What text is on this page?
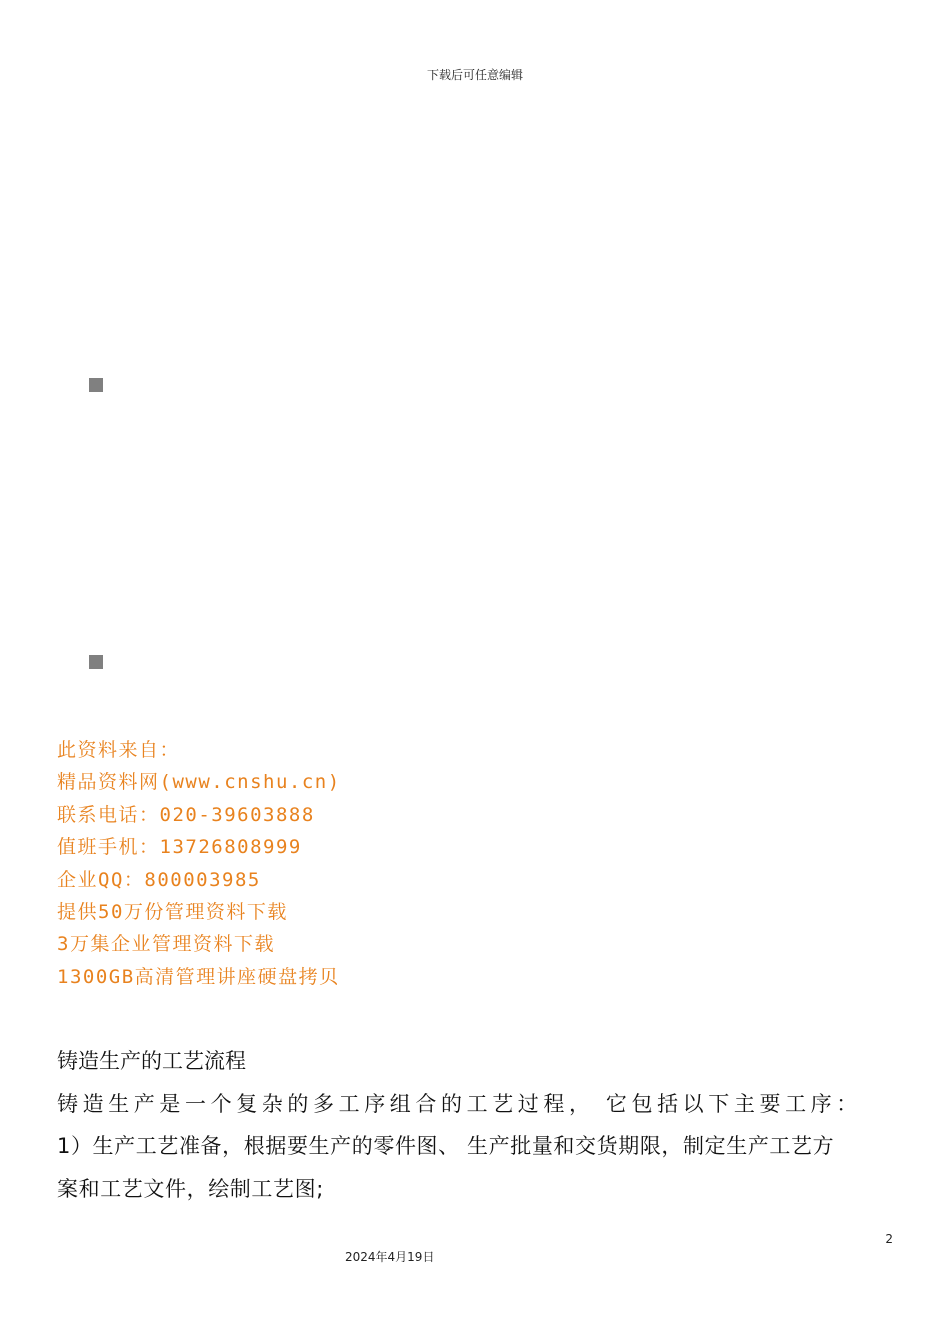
下载后可任意编辑
此资料来自：
精品资料网(www.cnshu.cn)
联系电话：020-39603888
值班手机：13726808999
企业QQ：800003985
提供50万份管理资料下载
3万集企业管理资料下载
1300GB高清管理讲座硬盘拷贝
铸造生产的工艺流程
铸造生产是一个复杂的多工序组合的工艺过程， 它包括以下主要工序：
1）生产工艺准备，根据要生产的零件图、 生产批量和交货期限，制定生产工艺方
案和工艺文件，绘制工艺图;
2
2024年4月19日
